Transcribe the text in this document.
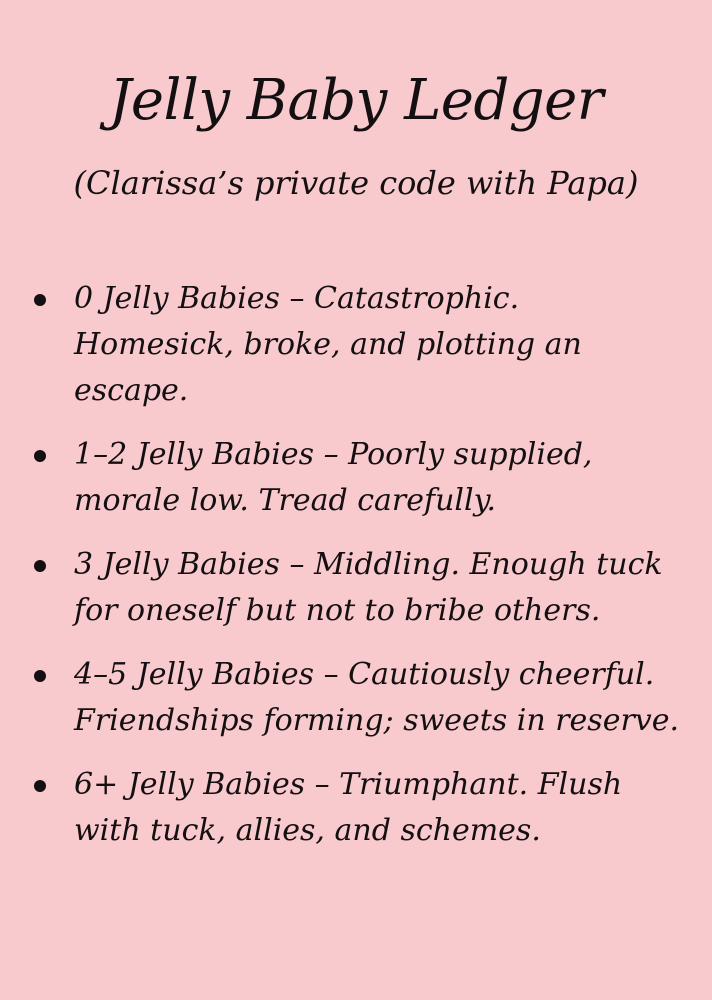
Jelly Baby Ledger
(Clarissa’s private code with Papa)
0 Jelly Babies – Catastrophic. Homesick, broke, and plotting an escape.
1–2 Jelly Babies – Poorly supplied, morale low. Tread carefully.
3 Jelly Babies – Middling. Enough tuck for oneself but not to bribe others.
4–5 Jelly Babies – Cautiously cheerful. Friendships forming; sweets in reserve.
6+ Jelly Babies – Triumphant. Flush with tuck, allies, and schemes.
